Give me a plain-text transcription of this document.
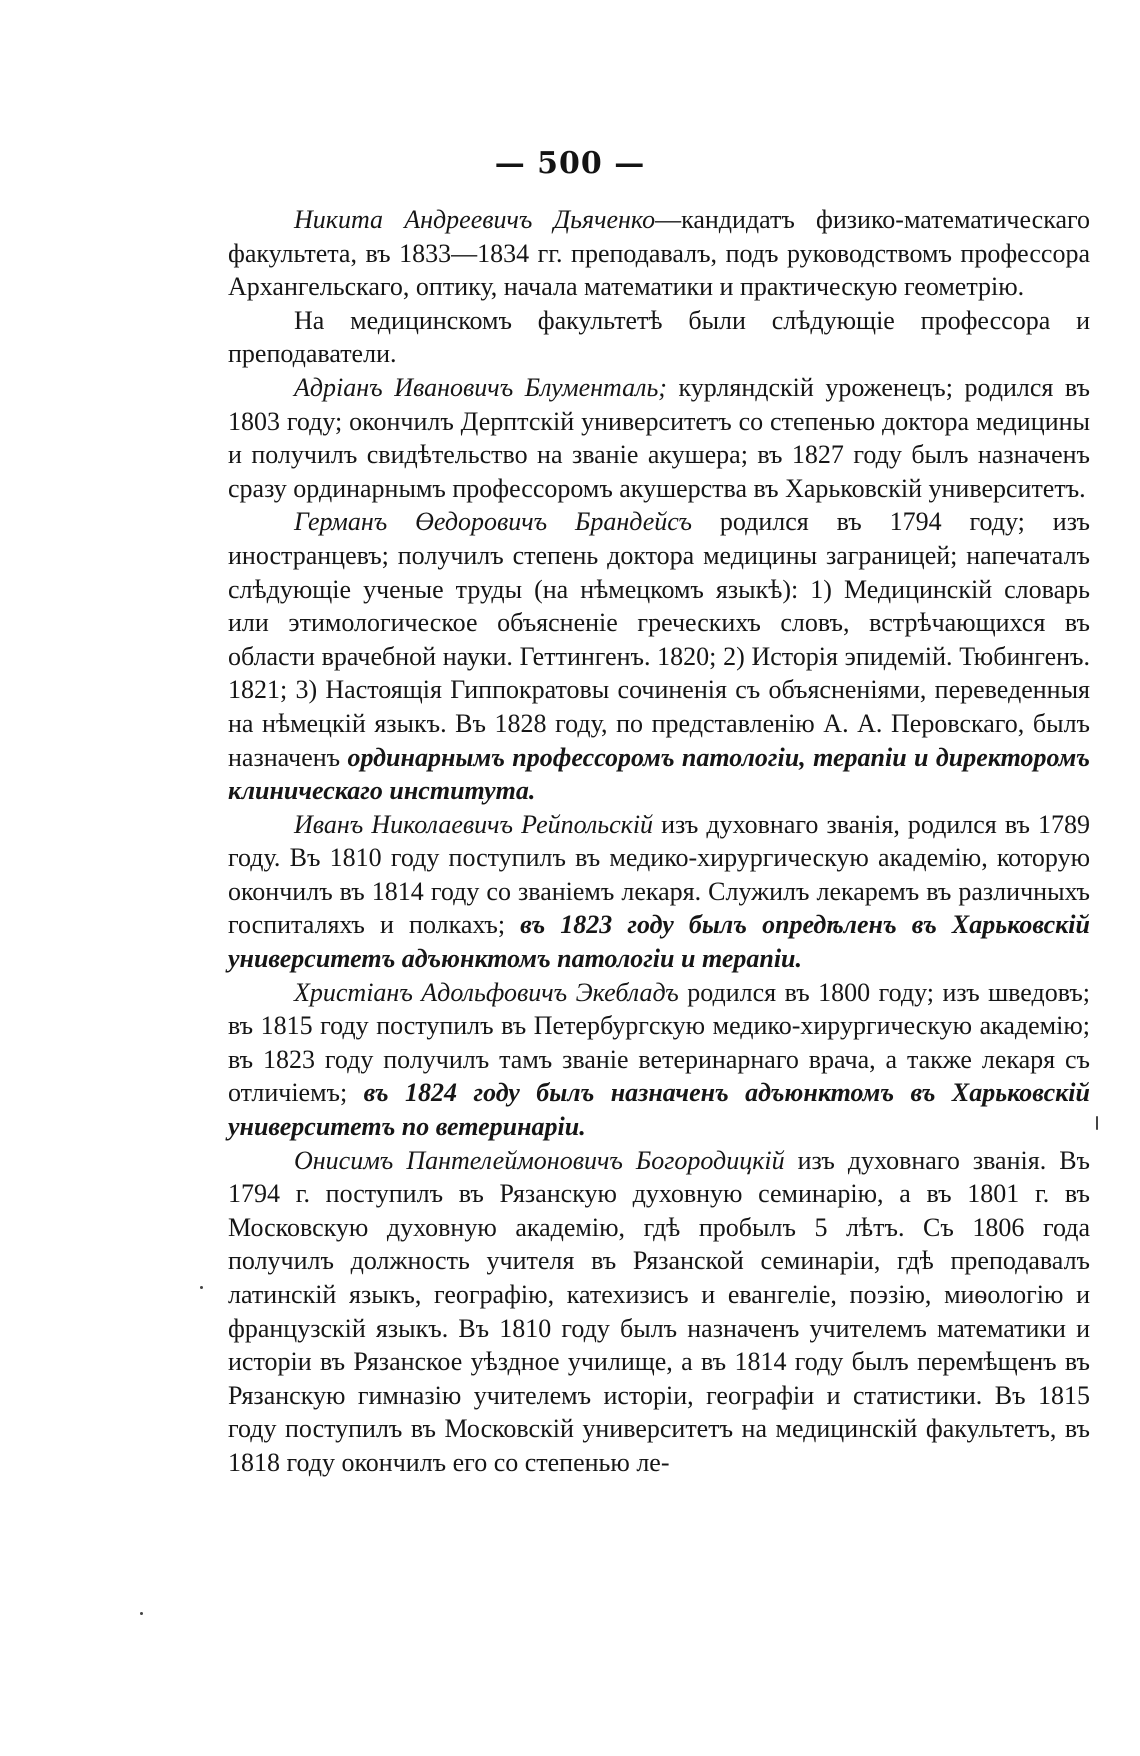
— 500 —

Никита Андреевичъ Дьяченко—кандидатъ физико-математическаго факультета, въ 1833—1834 гг. преподавалъ, подъ руководствомъ профессора Архангельскаго, оптику, начала математики и практическую геометрію.

На медицинскомъ факультетѣ были слѣдующіе профессора и преподаватели.

Адріанъ Ивановичъ Блументаль; курляндскій уроженецъ; родился въ 1803 году; окончилъ Дерптскій университетъ со степенью доктора медицины и получилъ свидѣтельство на званіе акушера; въ 1827 году былъ назначенъ сразу ординарнымъ профессоромъ акушерства въ Харьковскій университетъ.

Германъ Өедоровичъ Брандейсъ родился въ 1794 году; изъ иностранцевъ; получилъ степень доктора медицины заграницей; напечаталъ слѣдующіе ученые труды (на нѣмецкомъ языкѣ): 1) Медицинскій словарь или этимологическое объясненіе греческихъ словъ, встрѣчающихся въ области врачебной науки. Геттингенъ. 1820; 2) Исторія эпидемій. Тюбингенъ. 1821; 3) Настоящія Гиппократовы сочиненія съ объясненіями, переведенныя на нѣмецкій языкъ. Въ 1828 году, по представленію А. А. Перовскаго, былъ назначенъ ординарнымъ профессоромъ патологіи, терапіи и директоромъ клиническаго института.

Иванъ Николаевичъ Рейпольскій изъ духовнаго званія, родился въ 1789 году. Въ 1810 году поступилъ въ медико-хирургическую академію, которую окончилъ въ 1814 году со званіемъ лекаря. Служилъ лекаремъ въ различныхъ госпиталяхъ и полкахъ; въ 1823 году былъ опредѣленъ въ Харьковскій университетъ адъюнктомъ патологіи и терапіи.

Христіанъ Адольфовичъ Экебладъ родился въ 1800 году; изъ шведовъ; въ 1815 году поступилъ въ Петербургскую медико-хирургическую академію; въ 1823 году получилъ тамъ званіе ветеринарнаго врача, а также лекаря съ отличіемъ; въ 1824 году былъ назначенъ адъюнктомъ въ Харьковскій университетъ по ветеринаріи.

Онисимъ Пантелеймоновичъ Богородицкій изъ духовнаго званія. Въ 1794 г. поступилъ въ Рязанскую духовную семинарію, а въ 1801 г. въ Московскую духовную академію, гдѣ пробылъ 5 лѣтъ. Съ 1806 года получилъ должность учителя въ Рязанской семинаріи, гдѣ преподавалъ латинскій языкъ, географію, катехизисъ и евангеліе, поэзію, миѳологію и французскій языкъ. Въ 1810 году былъ назначенъ учителемъ математики и исторіи въ Рязанское уѣздное училище, а въ 1814 году былъ перемѣщенъ въ Рязанскую гимназію учителемъ исторіи, географіи и статистики. Въ 1815 году поступилъ въ Московскій университетъ на медицинскій факультетъ, въ 1818 году окончилъ его со степенью ле-
